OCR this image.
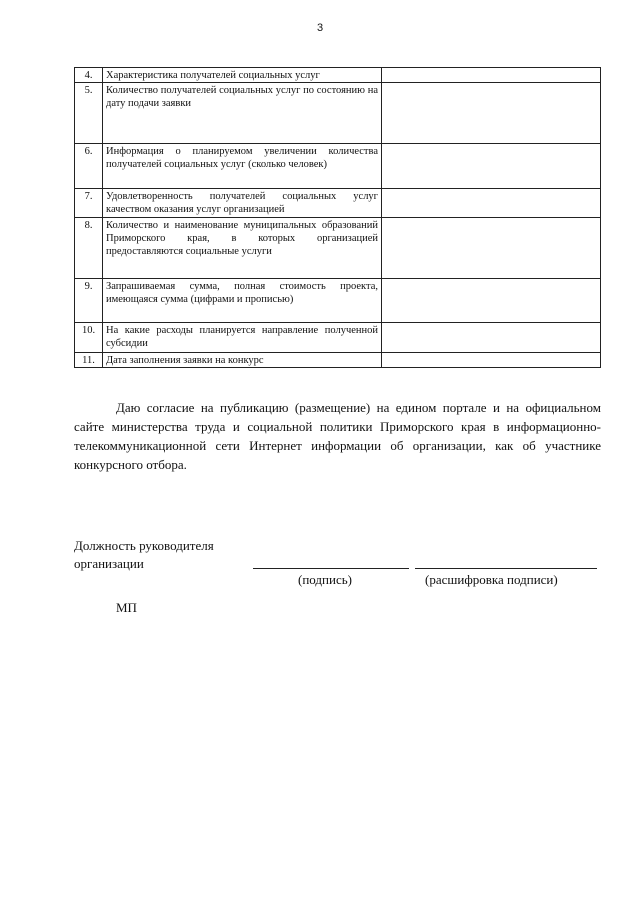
3
4.	Характеристика получателей социальных услуг	
5.	Количество получателей социальных услуг по состоянию на дату подачи заявки	
6.	Информация о планируемом увеличении количества получателей социальных услуг (сколько человек)	
7.	Удовлетворенность получателей социальных услуг качеством оказания услуг организацией	
8.	Количество и наименование муниципальных образований Приморского края, в которых организацией предоставляются социальные услуги	
9.	Запрашиваемая сумма, полная стоимость проекта, имеющаяся сумма (цифрами и прописью)	
10.	На какие расходы планируется направление полученной субсидии	
11.	Дата заполнения заявки на конкурс	

Даю согласие на публикацию (размещение) на едином портале и на официальном сайте министерства труда и социальной политики Приморского края в информационно-телекоммуникационной сети Интернет информации об организации, как об участнике конкурсного отбора.

Должность руководителя организации

(подпись)	(расшифровка подписи)
МП
